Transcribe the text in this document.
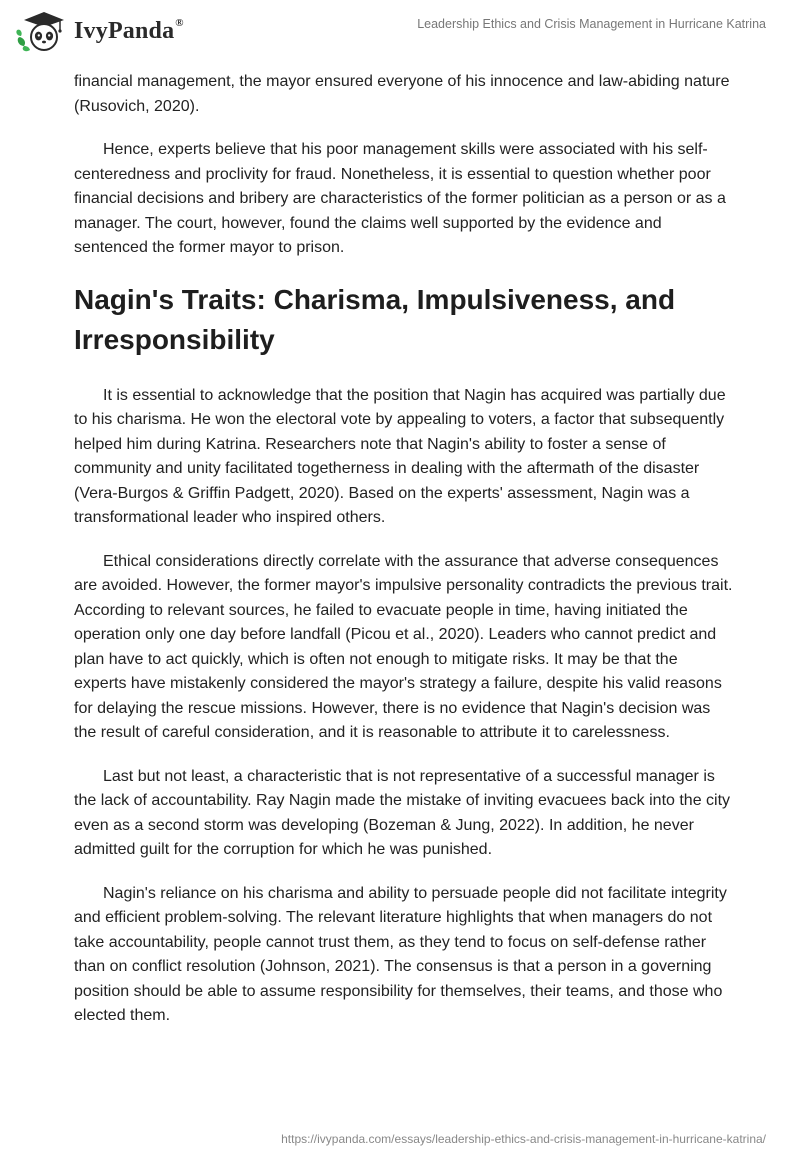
IvyPanda®	Leadership Ethics and Crisis Management in Hurricane Katrina

financial management, the mayor ensured everyone of his innocence and law-abiding nature (Rusovich, 2020).

Hence, experts believe that his poor management skills were associated with his self-centeredness and proclivity for fraud. Nonetheless, it is essential to question whether poor financial decisions and bribery are characteristics of the former politician as a person or as a manager. The court, however, found the claims well supported by the evidence and sentenced the former mayor to prison.

Nagin's Traits: Charisma, Impulsiveness, and Irresponsibility

It is essential to acknowledge that the position that Nagin has acquired was partially due to his charisma. He won the electoral vote by appealing to voters, a factor that subsequently helped him during Katrina. Researchers note that Nagin's ability to foster a sense of community and unity facilitated togetherness in dealing with the aftermath of the disaster (Vera-Burgos & Griffin Padgett, 2020). Based on the experts' assessment, Nagin was a transformational leader who inspired others.

Ethical considerations directly correlate with the assurance that adverse consequences are avoided. However, the former mayor's impulsive personality contradicts the previous trait. According to relevant sources, he failed to evacuate people in time, having initiated the operation only one day before landfall (Picou et al., 2020). Leaders who cannot predict and plan have to act quickly, which is often not enough to mitigate risks. It may be that the experts have mistakenly considered the mayor's strategy a failure, despite his valid reasons for delaying the rescue missions. However, there is no evidence that Nagin's decision was the result of careful consideration, and it is reasonable to attribute it to carelessness.

Last but not least, a characteristic that is not representative of a successful manager is the lack of accountability. Ray Nagin made the mistake of inviting evacuees back into the city even as a second storm was developing (Bozeman & Jung, 2022). In addition, he never admitted guilt for the corruption for which he was punished.

Nagin's reliance on his charisma and ability to persuade people did not facilitate integrity and efficient problem-solving. The relevant literature highlights that when managers do not take accountability, people cannot trust them, as they tend to focus on self-defense rather than on conflict resolution (Johnson, 2021). The consensus is that a person in a governing position should be able to assume responsibility for themselves, their teams, and those who elected them.

https://ivypanda.com/essays/leadership-ethics-and-crisis-management-in-hurricane-katrina/
